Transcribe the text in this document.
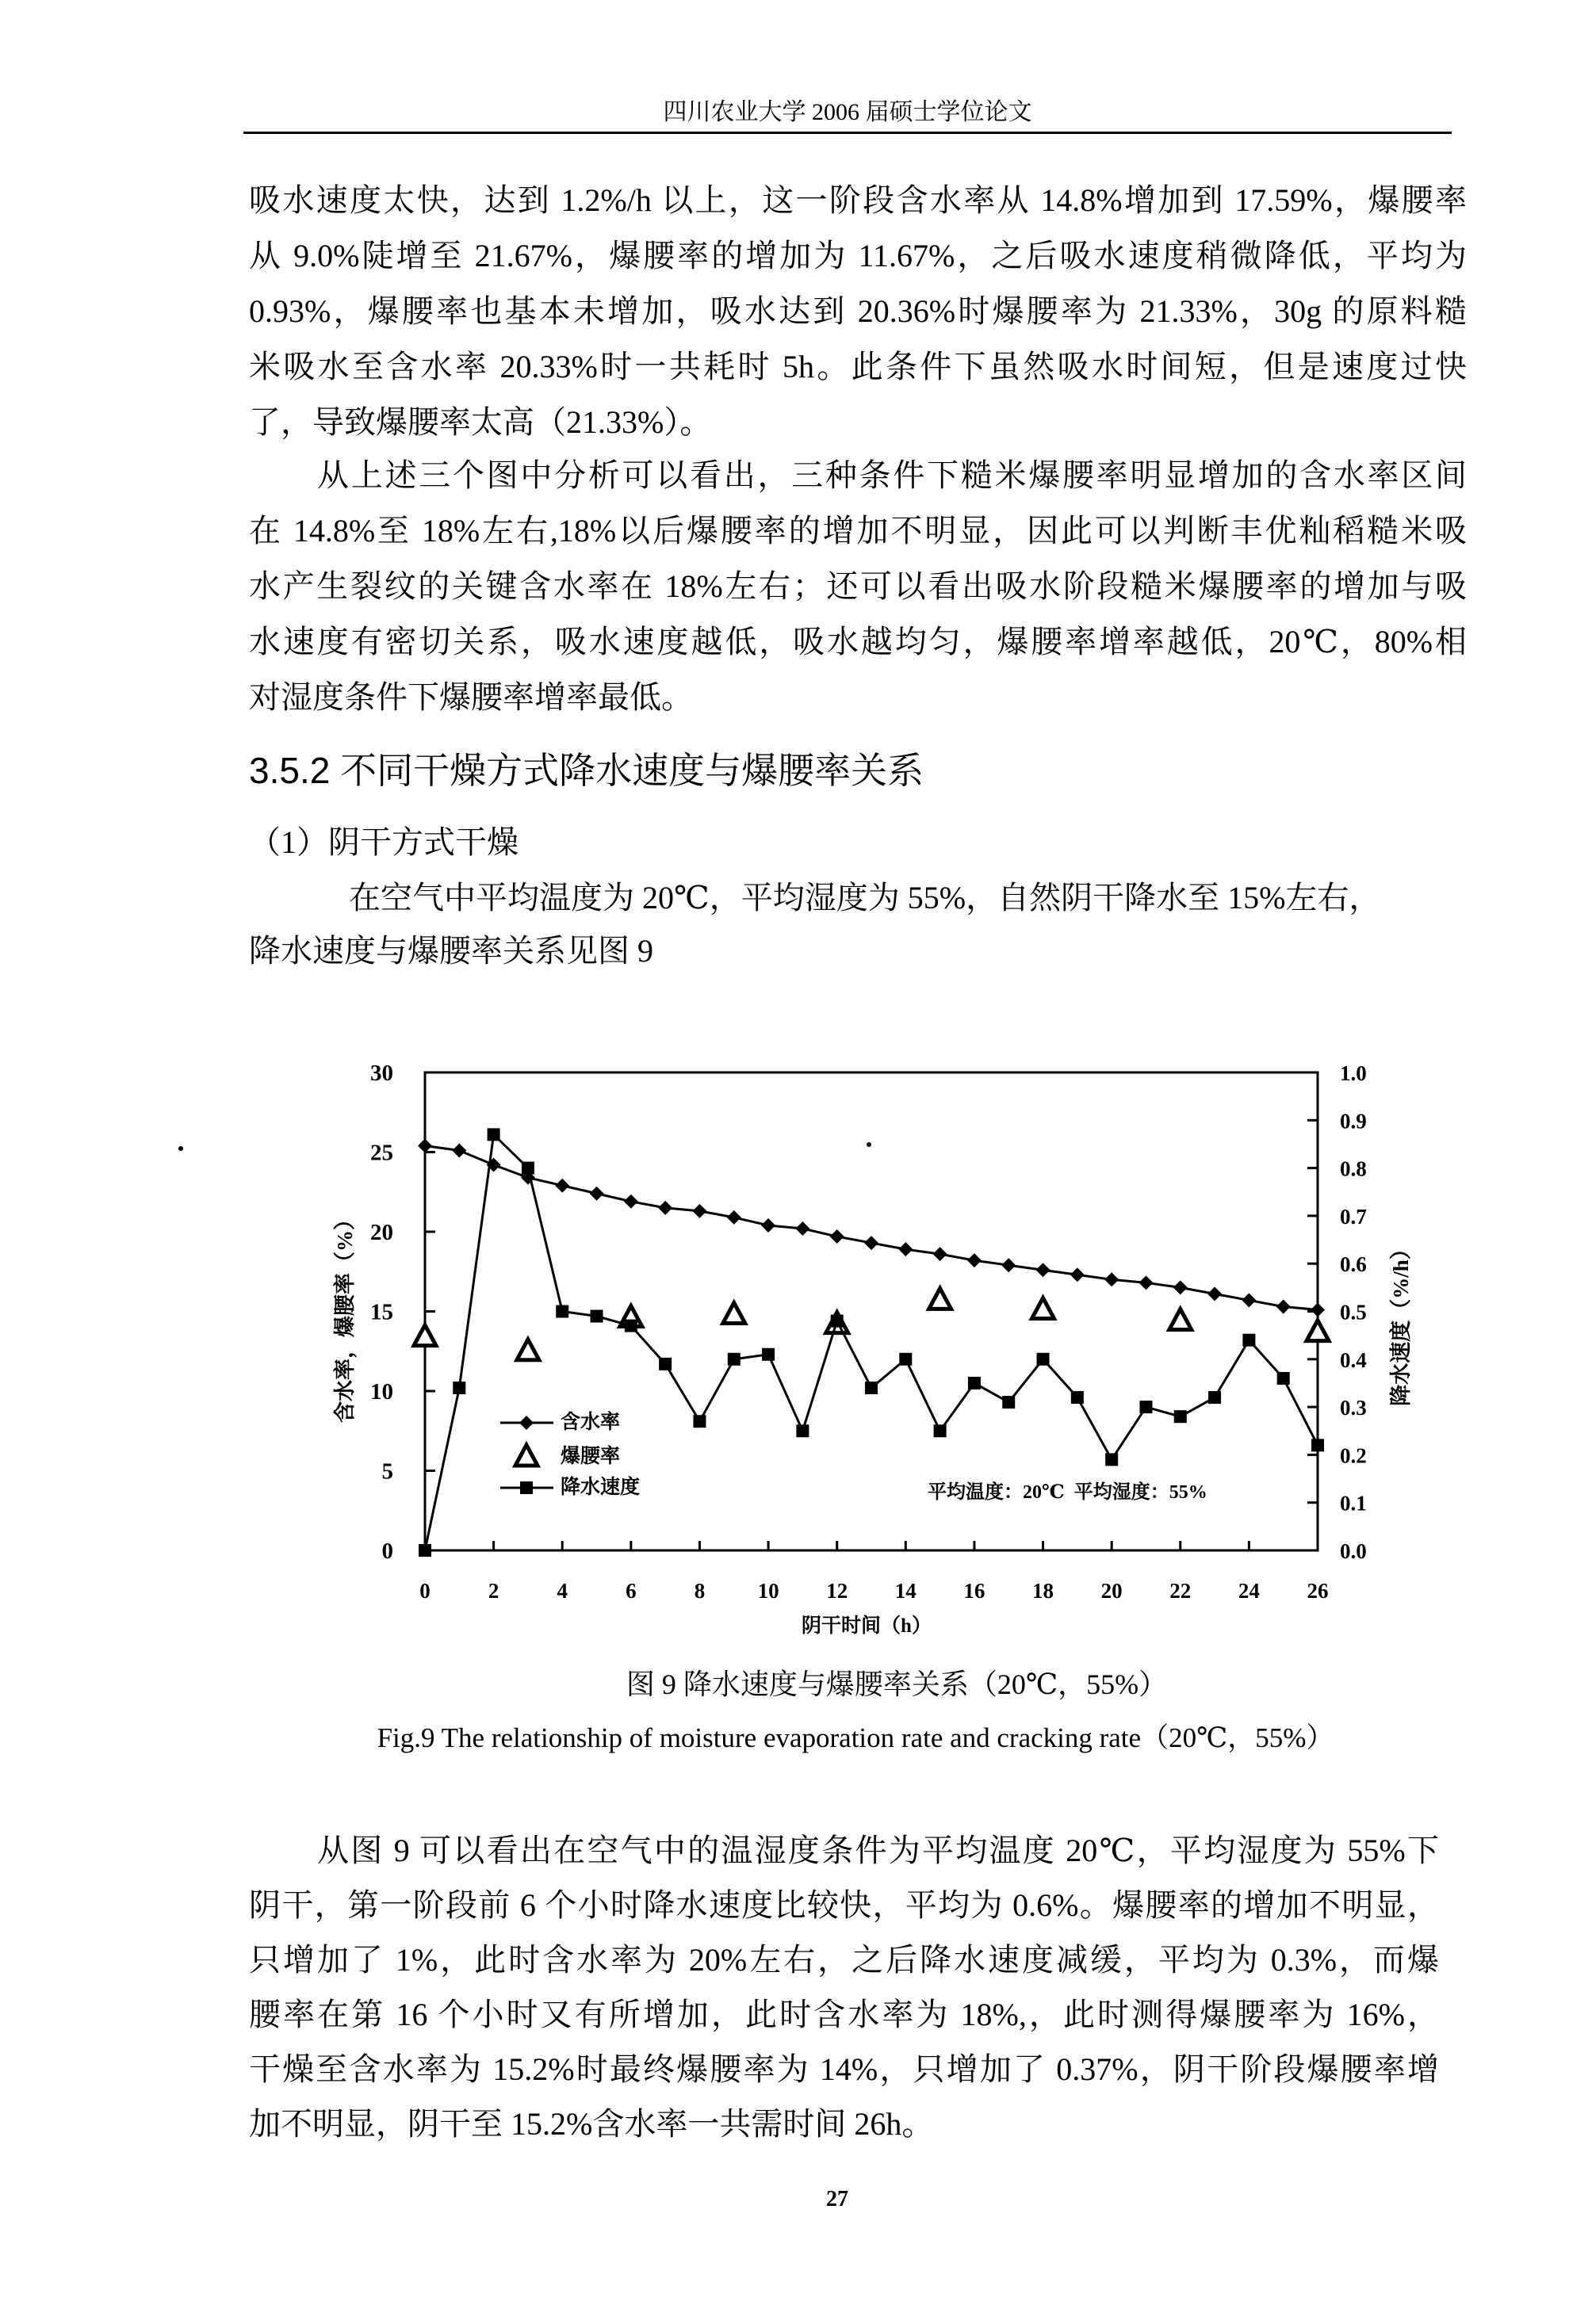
四川农业大学 2006 届硕士学位论文
吸水速度太快，达到 1.2%/h 以上，这一阶段含水率从 14.8%增加到 17.59%，爆腰率
从 9.0%陡增至 21.67%，爆腰率的增加为 11.67%，之后吸水速度稍微降低，平均为
0.93%，爆腰率也基本未增加，吸水达到 20.36%时爆腰率为 21.33%，30g 的原料糙
米吸水至含水率 20.33%时一共耗时 5h。此条件下虽然吸水时间短，但是速度过快
了，导致爆腰率太高（21.33%）。
从上述三个图中分析可以看出，三种条件下糙米爆腰率明显增加的含水率区间
在 14.8%至 18%左右,18%以后爆腰率的增加不明显，因此可以判断丰优籼稻糙米吸
水产生裂纹的关键含水率在 18%左右；还可以看出吸水阶段糙米爆腰率的增加与吸
水速度有密切关系，吸水速度越低，吸水越均匀，爆腰率增率越低，20℃，80%相
对湿度条件下爆腰率增率最低。
3.5.2 不同干燥方式降水速度与爆腰率关系
（1）阴干方式干燥
在空气中平均温度为 20℃，平均湿度为 55%，自然阴干降水至 15%左右，
降水速度与爆腰率关系见图 9
0
5
10
15
20
25
30
0.0
0.1
0.2
0.3
0.4
0.5
0.6
0.7
0.8
0.9
1.0
0	2	4	6	8 10 12 14 16 18 20 22 24 26
含水率，爆腰率（%）	降水速度（%/h）
阴干时间（h）
含水率
爆腰率
降水速度	平均温度：20℃  平均湿度：55%
图 9 降水速度与爆腰率关系（20℃，55%）
Fig.9 The relationship of moisture evaporation rate and cracking rate（20℃，55%）
从图 9 可以看出在空气中的温湿度条件为平均温度 20℃，平均湿度为 55%下
阴干，第一阶段前 6 个小时降水速度比较快，平均为 0.6%。爆腰率的增加不明显，
只增加了 1%，此时含水率为 20%左右，之后降水速度减缓，平均为 0.3%，而爆
腰率在第 16 个小时又有所增加，此时含水率为 18%,，此时测得爆腰率为 16%，
干燥至含水率为 15.2%时最终爆腰率为 14%，只增加了 0.37%，阴干阶段爆腰率增
加不明显，阴干至 15.2%含水率一共需时间 26h。
27
